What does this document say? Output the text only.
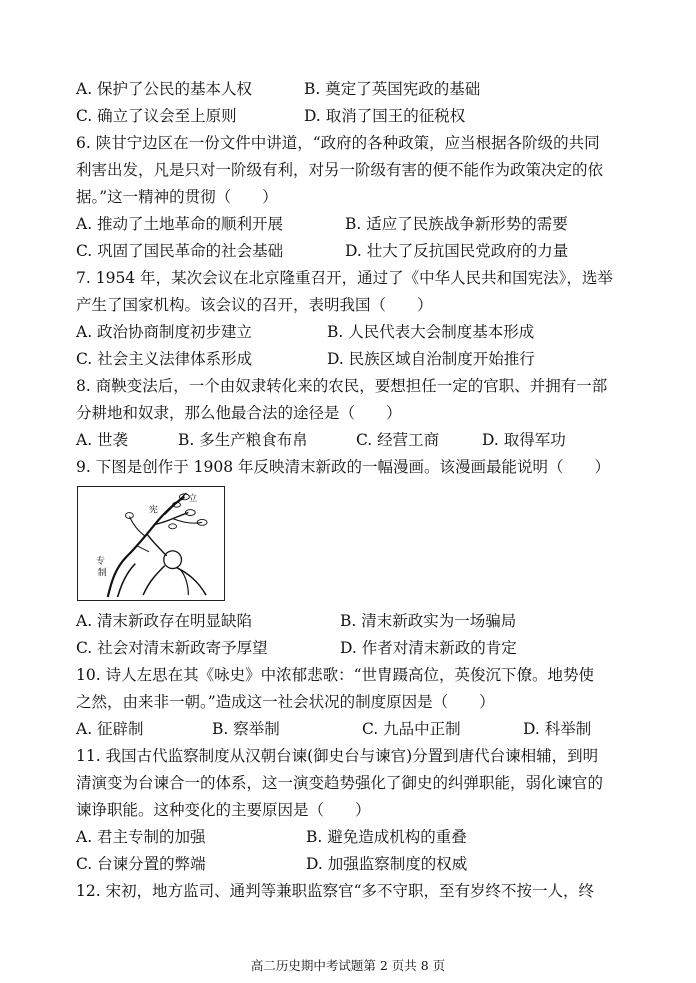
A. 保护了公民的基本人权	B. 奠定了英国宪政的基础
C. 确立了议会至上原则	D. 取消了国王的征税权
6. 陕甘宁边区在一份文件中讲道，“政府的各种政策，应当根据各阶级的共同
利害出发，凡是只对一阶级有利，对另一阶级有害的便不能作为政策决定的依
据。”这一精神的贯彻（　　）
A. 推动了土地革命的顺利开展	B. 适应了民族战争新形势的需要
C. 巩固了国民革命的社会基础	D. 壮大了反抗国民党政府的力量
7. 1954 年，某次会议在北京隆重召开，通过了《中华人民共和国宪法》，选举
产生了国家机构。该会议的召开，表明我国（　　）
A. 政治协商制度初步建立	B. 人民代表大会制度基本形成
C. 社会主义法律体系形成	D. 民族区域自治制度开始推行
8. 商鞅变法后，一个由奴隶转化来的农民，要想担任一定的官职、并拥有一部
分耕地和奴隶，那么他最合法的途径是（　　）
A. 世袭	B. 多生产粮食布帛	C. 经营工商	D. 取得军功
9. 下图是创作于 1908 年反映清末新政的一幅漫画。该漫画最能说明（　　）
立
宪
专
制
A. 清末新政存在明显缺陷	B. 清末新政实为一场骗局
C. 社会对清末新政寄予厚望	D. 作者对清末新政的肯定
10. 诗人左思在其《咏史》中浓郁悲歌：“世胄蹑高位，英俊沉下僚。地势使
之然，由来非一朝。”造成这一社会状况的制度原因是（　　）
A. 征辟制	B. 察举制	C. 九品中正制	D. 科举制
11. 我国古代监察制度从汉朝台谏(御史台与谏官)分置到唐代台谏相辅，到明
清演变为台谏合一的体系，这一演变趋势强化了御史的纠弹职能，弱化谏官的
谏诤职能。这种变化的主要原因是（　　）
A. 君主专制的加强	B. 避免造成机构的重叠
C. 台谏分置的弊端	D. 加强监察制度的权威
12. 宋初，地方监司、通判等兼职监察官“多不守职，至有岁终不按一人，终
高二历史期中考试题第 2 页共 8 页
